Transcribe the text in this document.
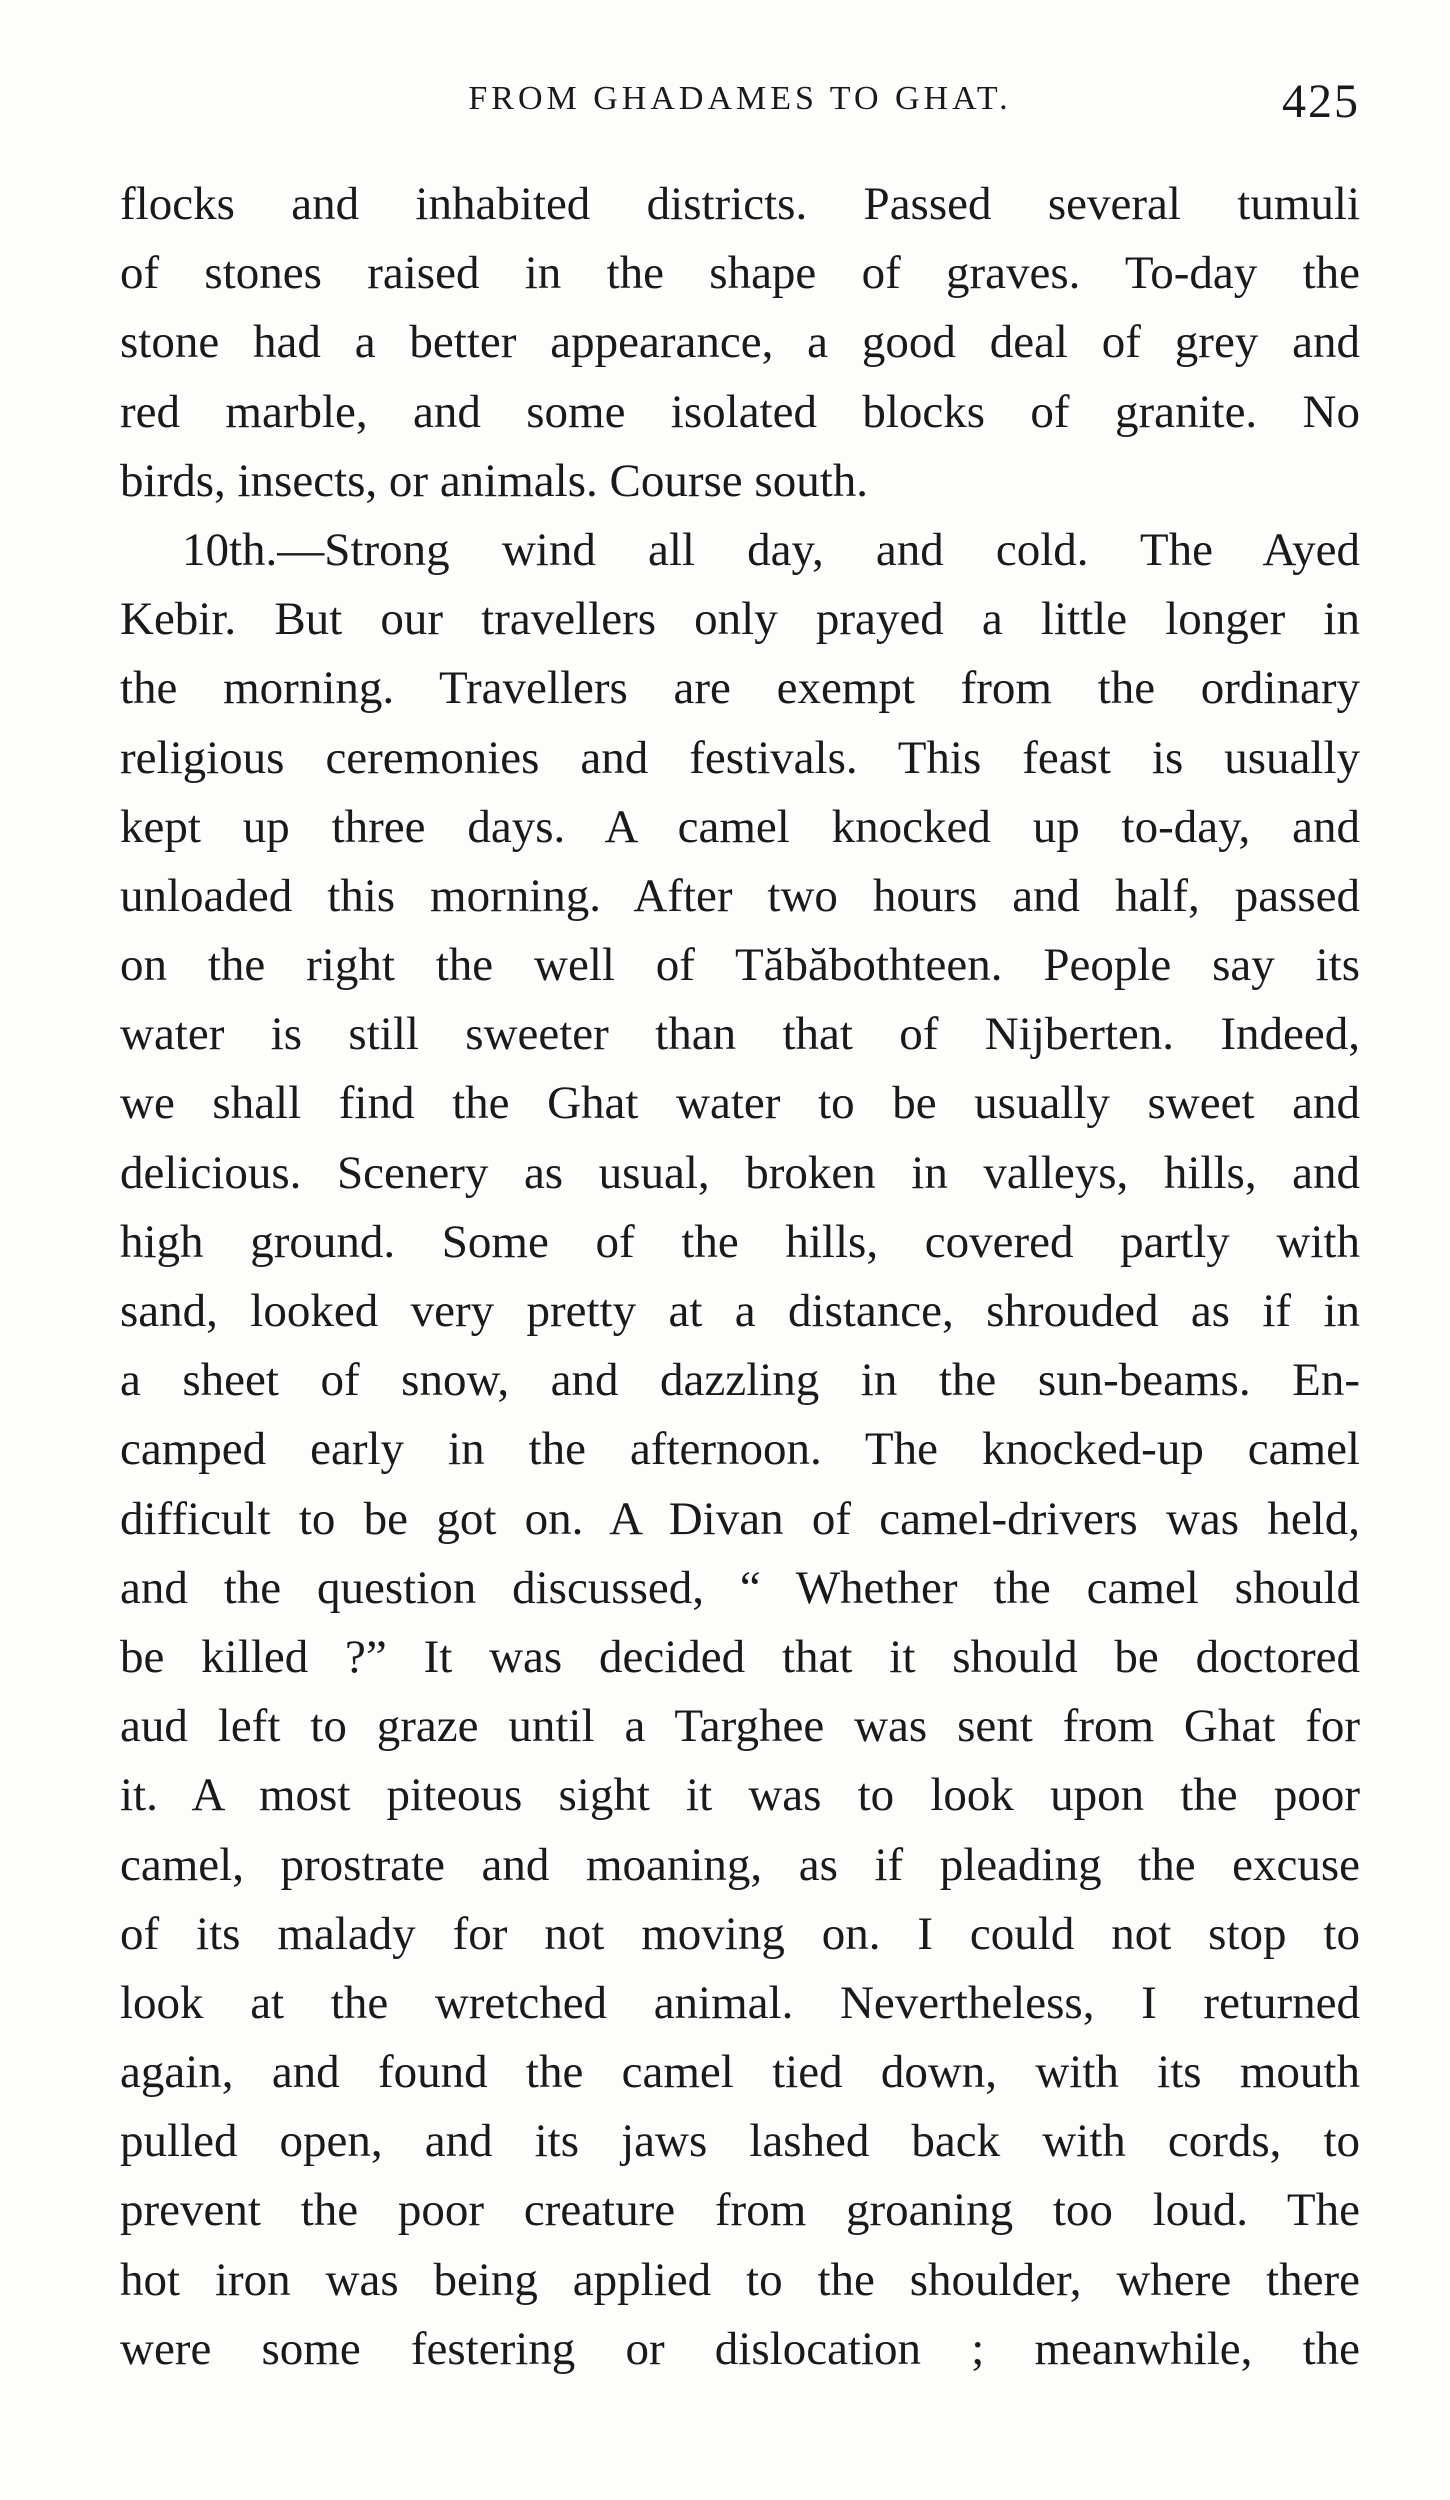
FROM GHADAMES TO GHAT.	425
flocks and inhabited districts. Passed several tumuli
of stones raised in the shape of graves. To-day the
stone had a better appearance, a good deal of grey and
red marble, and some isolated blocks of granite. No
birds, insects, or animals. Course south.
10th.—Strong wind all day, and cold. The Ayed
Kebir. But our travellers only prayed a little longer in
the morning. Travellers are exempt from the ordinary
religious ceremonies and festivals. This feast is usually
kept up three days. A camel knocked up to-day, and
unloaded this morning. After two hours and half, passed
on the right the well of Tăbăbothteen. People say its
water is still sweeter than that of Nijberten. Indeed,
we shall find the Ghat water to be usually sweet and
delicious. Scenery as usual, broken in valleys, hills, and
high ground. Some of the hills, covered partly with
sand, looked very pretty at a distance, shrouded as if in
a sheet of snow, and dazzling in the sun-beams. En-
camped early in the afternoon. The knocked-up camel
difficult to be got on. A Divan of camel-drivers was held,
and the question discussed, “ Whether the camel should
be killed ?” It was decided that it should be doctored
aud left to graze until a Targhee was sent from Ghat for
it. A most piteous sight it was to look upon the poor
camel, prostrate and moaning, as if pleading the excuse
of its malady for not moving on. I could not stop to
look at the wretched animal. Nevertheless, I returned
again, and found the camel tied down, with its mouth
pulled open, and its jaws lashed back with cords, to
prevent the poor creature from groaning too loud. The
hot iron was being applied to the shoulder, where there
were some festering or dislocation ; meanwhile, the
